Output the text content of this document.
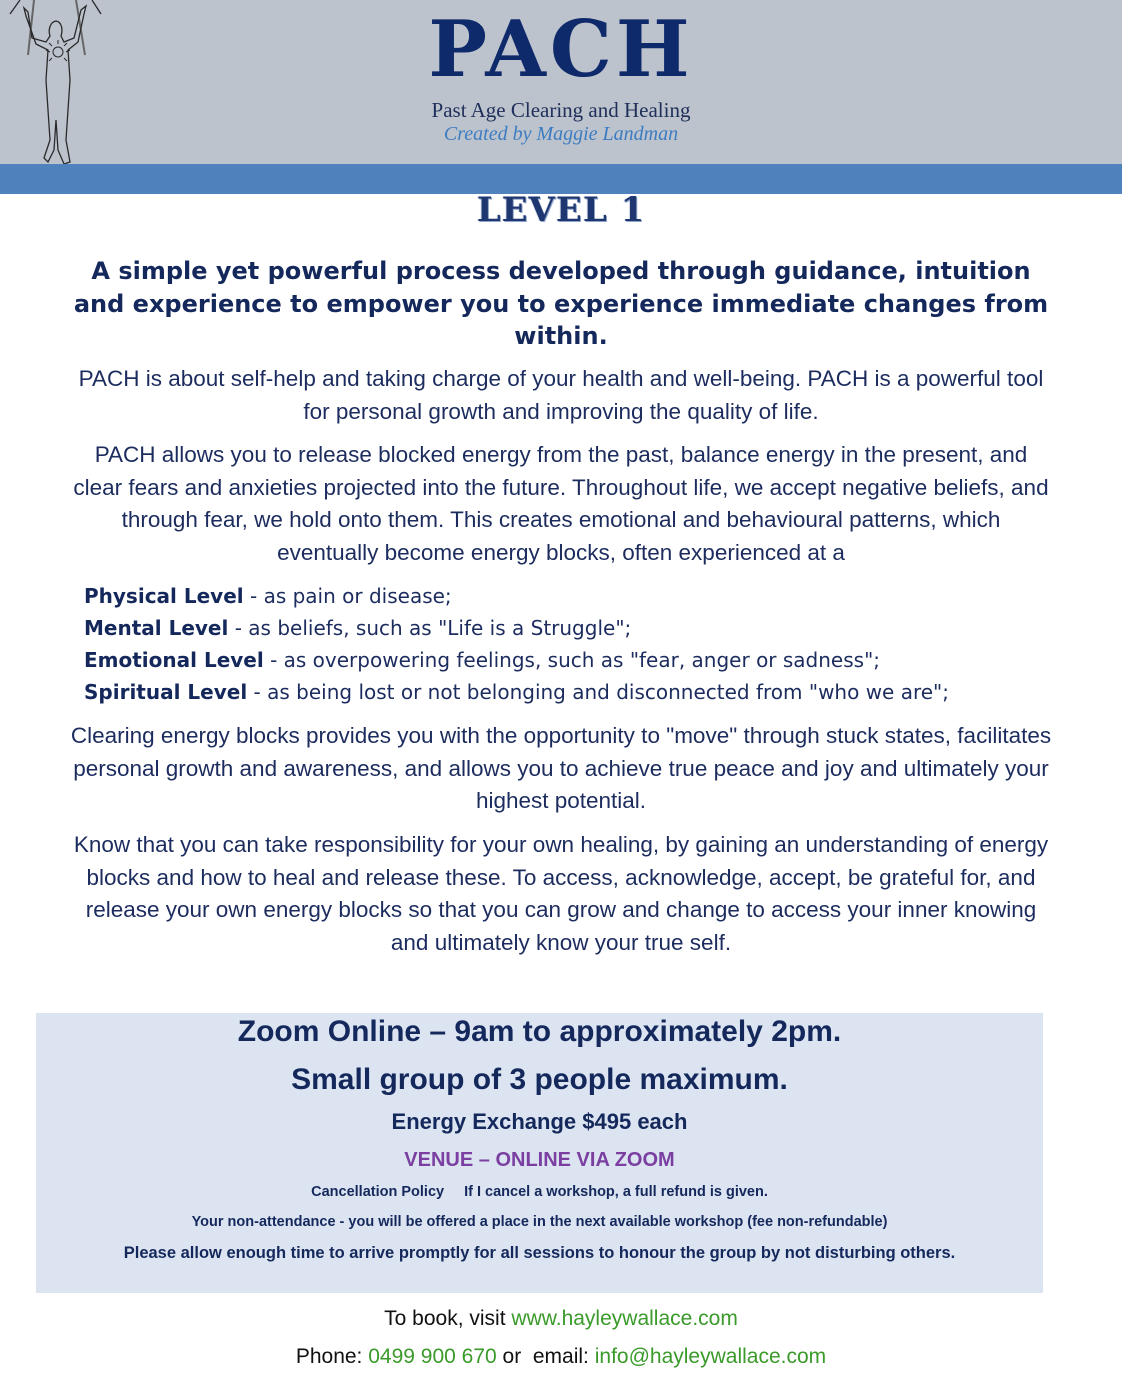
PACH
Past Age Clearing and Healing
Created by Maggie Landman
LEVEL 1
A simple yet powerful process developed through guidance, intuition and experience to empower you to experience immediate changes from within.
PACH is about self-help and taking charge of your health and well-being. PACH is a powerful tool for personal growth and improving the quality of life.
PACH allows you to release blocked energy from the past, balance energy in the present, and clear fears and anxieties projected into the future. Throughout life, we accept negative beliefs, and through fear, we hold onto them. This creates emotional and behavioural patterns, which eventually become energy blocks, often experienced at a
Physical Level - as pain or disease;
Mental Level - as beliefs, such as "Life is a Struggle";
Emotional Level - as overpowering feelings, such as "fear, anger or sadness";
Spiritual Level - as being lost or not belonging and disconnected from "who we are";
Clearing energy blocks provides you with the opportunity to "move" through stuck states, facilitates personal growth and awareness, and allows you to achieve true peace and joy and ultimately your highest potential.
Know that you can take responsibility for your own healing, by gaining an understanding of energy blocks and how to heal and release these. To access, acknowledge, accept, be grateful for, and release your own energy blocks so that you can grow and change to access your inner knowing and ultimately know your true self.
Zoom Online – 9am to approximately 2pm.
Small group of 3 people maximum.
Energy Exchange $495 each
VENUE – ONLINE VIA ZOOM
Cancellation Policy If I cancel a workshop, a full refund is given.
Your non-attendance - you will be offered a place in the next available workshop (fee non-refundable)
Please allow enough time to arrive promptly for all sessions to honour the group by not disturbing others.
To book, visit www.hayleywallace.com
Phone: 0499 900 670 or  email: info@hayleywallace.com
